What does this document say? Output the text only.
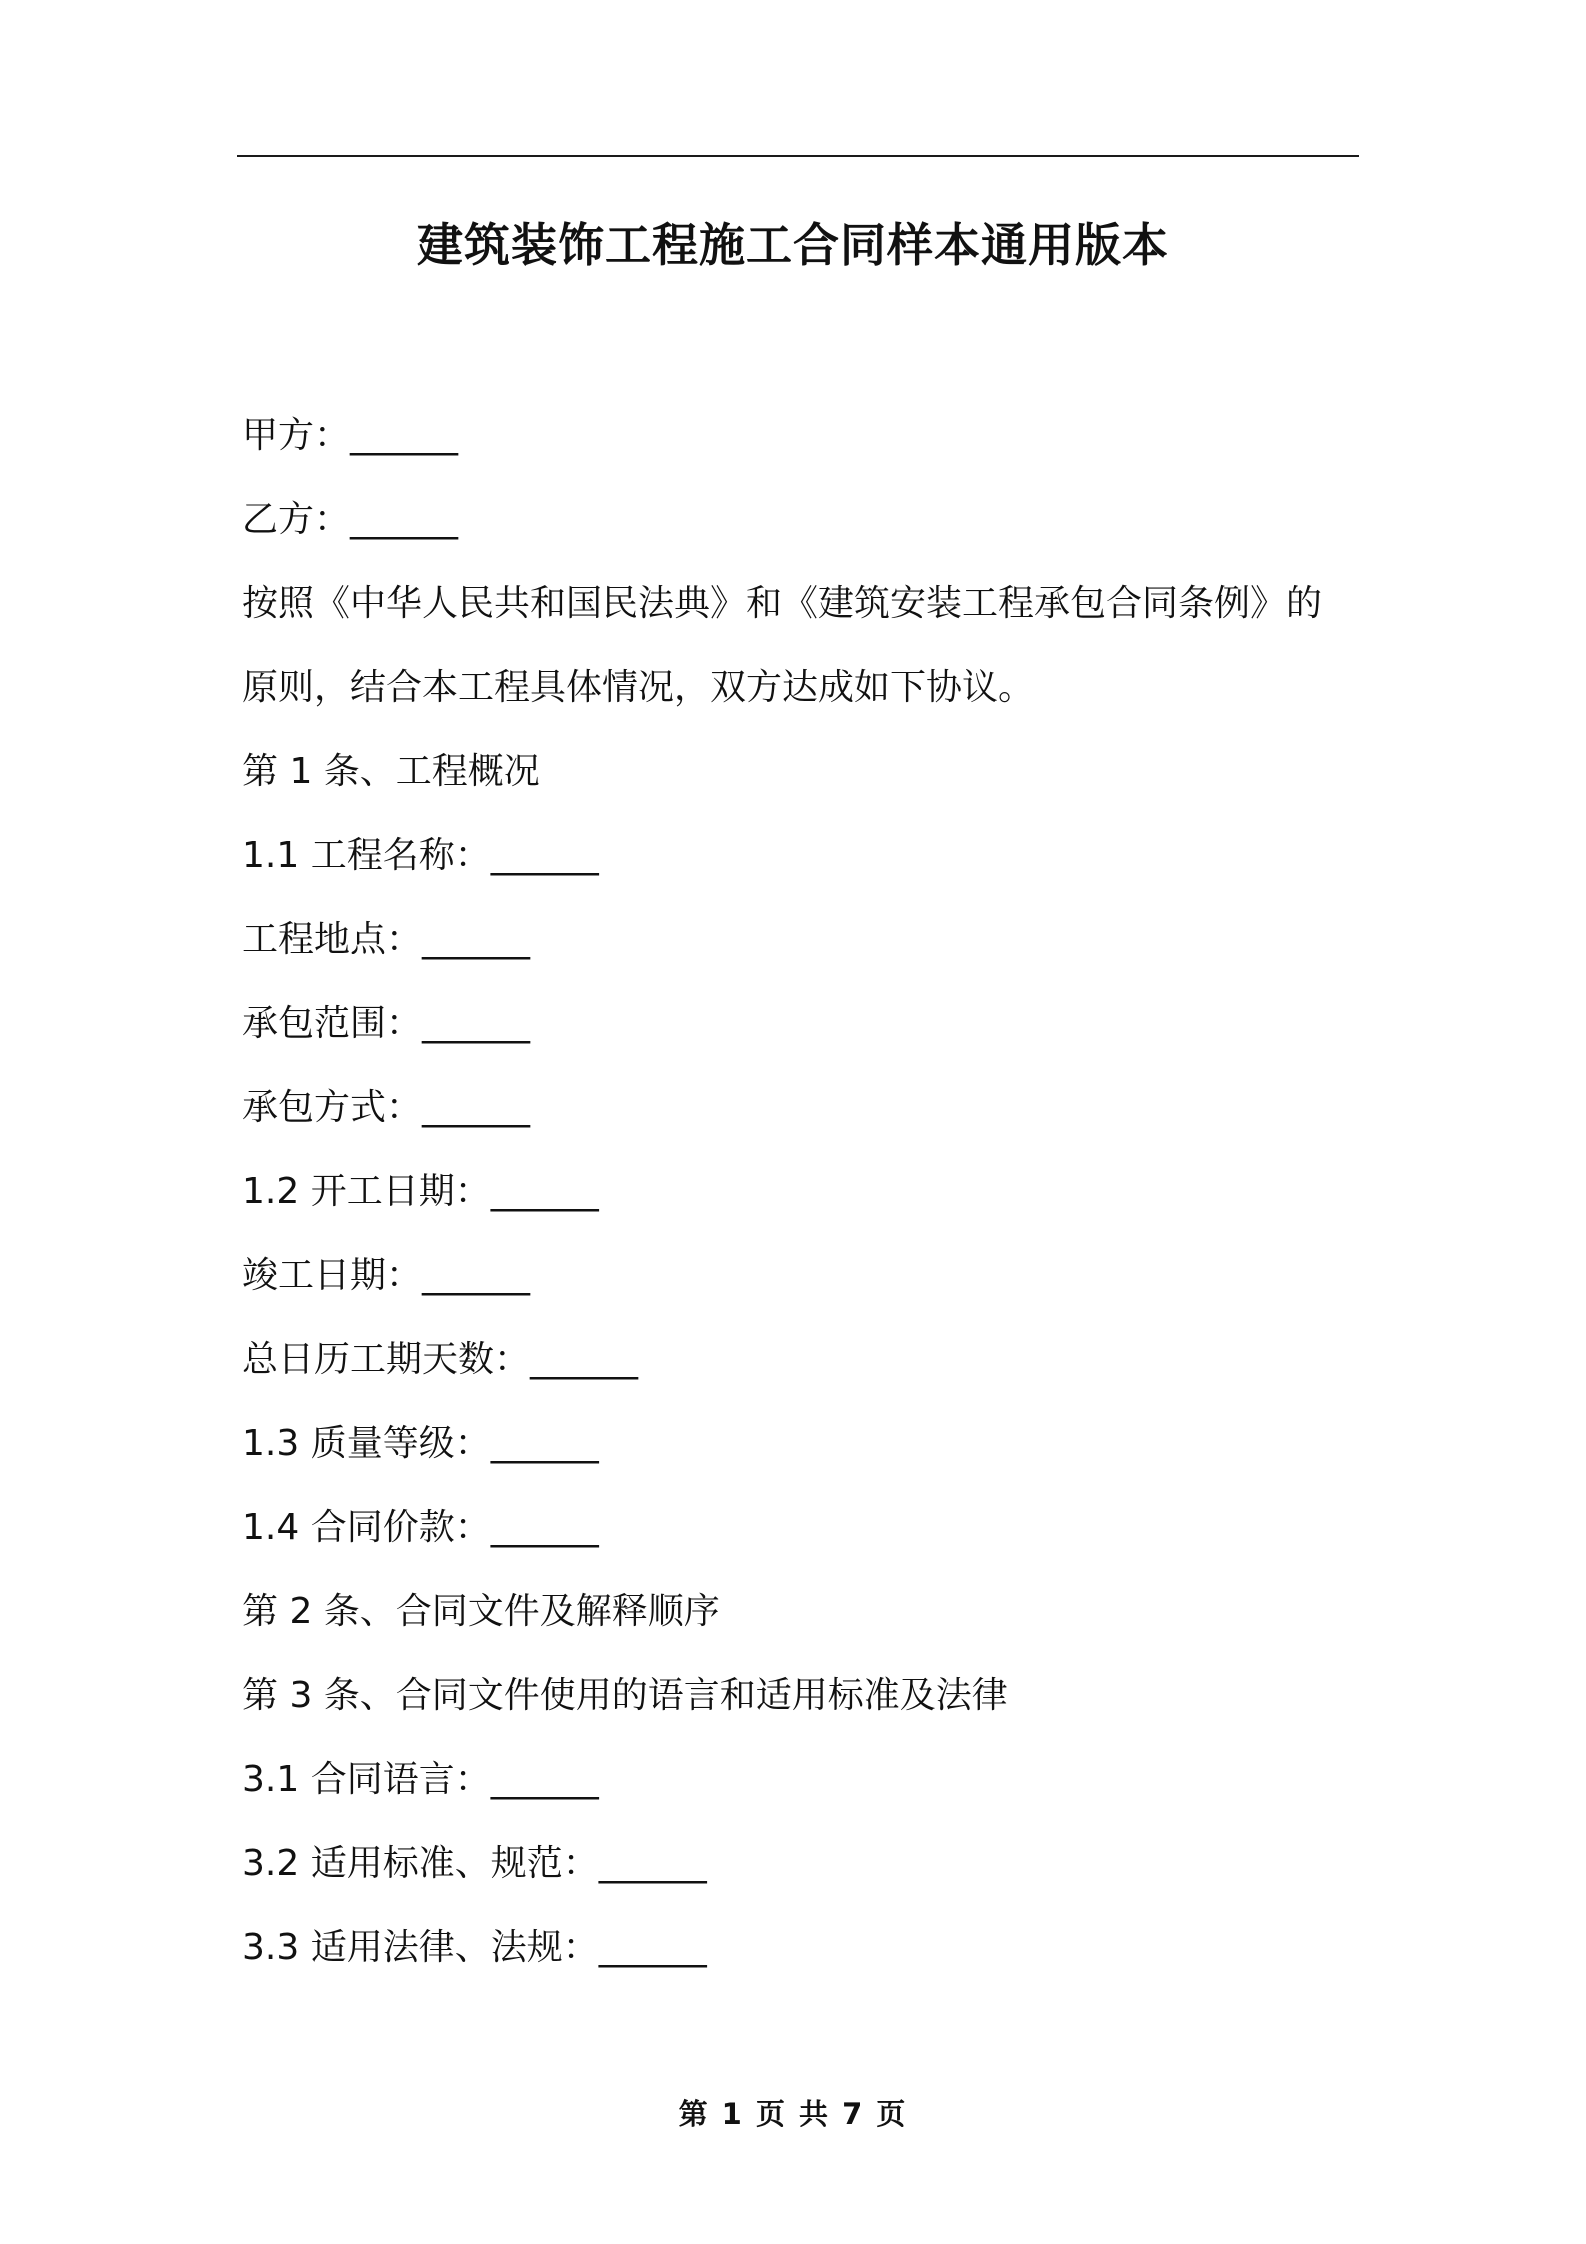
建筑装饰工程施工合同样本通用版本
甲方：______
乙方：______
按照《中华人民共和国民法典》和《建筑安装工程承包合同条例》的
原则，结合本工程具体情况，双方达成如下协议。
第 1 条、工程概况
1.1 工程名称：______
工程地点：______
承包范围：______
承包方式：______
1.2 开工日期：______
竣工日期：______
总日历工期天数：______
1.3 质量等级：______
1.4 合同价款：______
第 2 条、合同文件及解释顺序
第 3 条、合同文件使用的语言和适用标准及法律
3.1 合同语言：______
3.2 适用标准、规范：______
3.3 适用法律、法规：______
第 1 页 共 7 页
